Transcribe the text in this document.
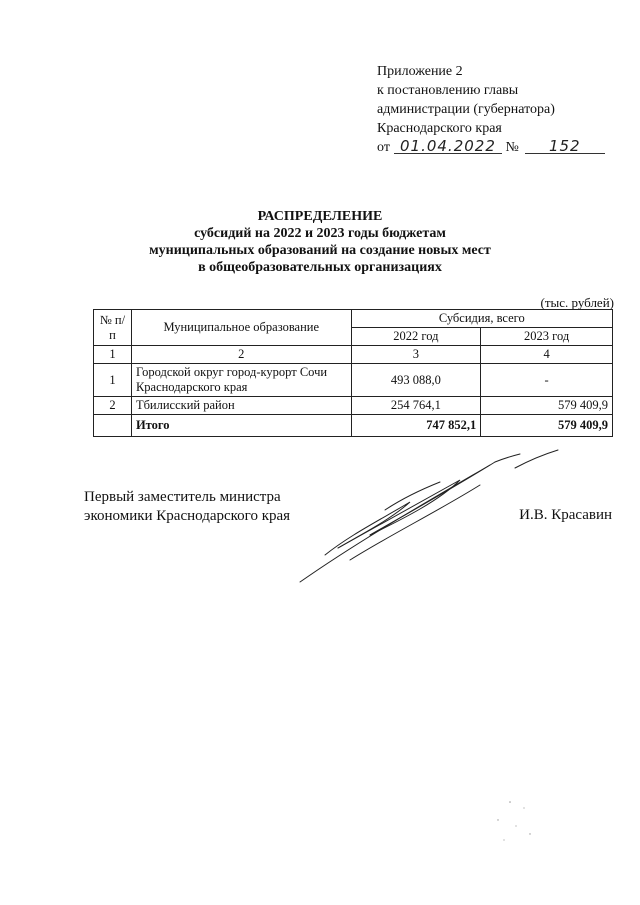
Приложение 2
к постановлению главы
администрации (губернатора)
Краснодарского края
от 01.04.2022 № 152
РАСПРЕДЕЛЕНИЕ
субсидий на 2022 и 2023 годы бюджетам
муниципальных образований на создание новых мест
в общеобразовательных организациях
(тыс. рублей)
№ п/п	Муниципальное образование	Субсидия, всего	
		2022 год	2023 год
1	2	3	4
1	Городской округ город-курорт Сочи Краснодарского края	493 088,0	-
2	Тбилисский район	254 764,1	579 409,9
	Итого	747 852,1	579 409,9
Первый заместитель министра
экономики Краснодарского края	И.В. Красавин
